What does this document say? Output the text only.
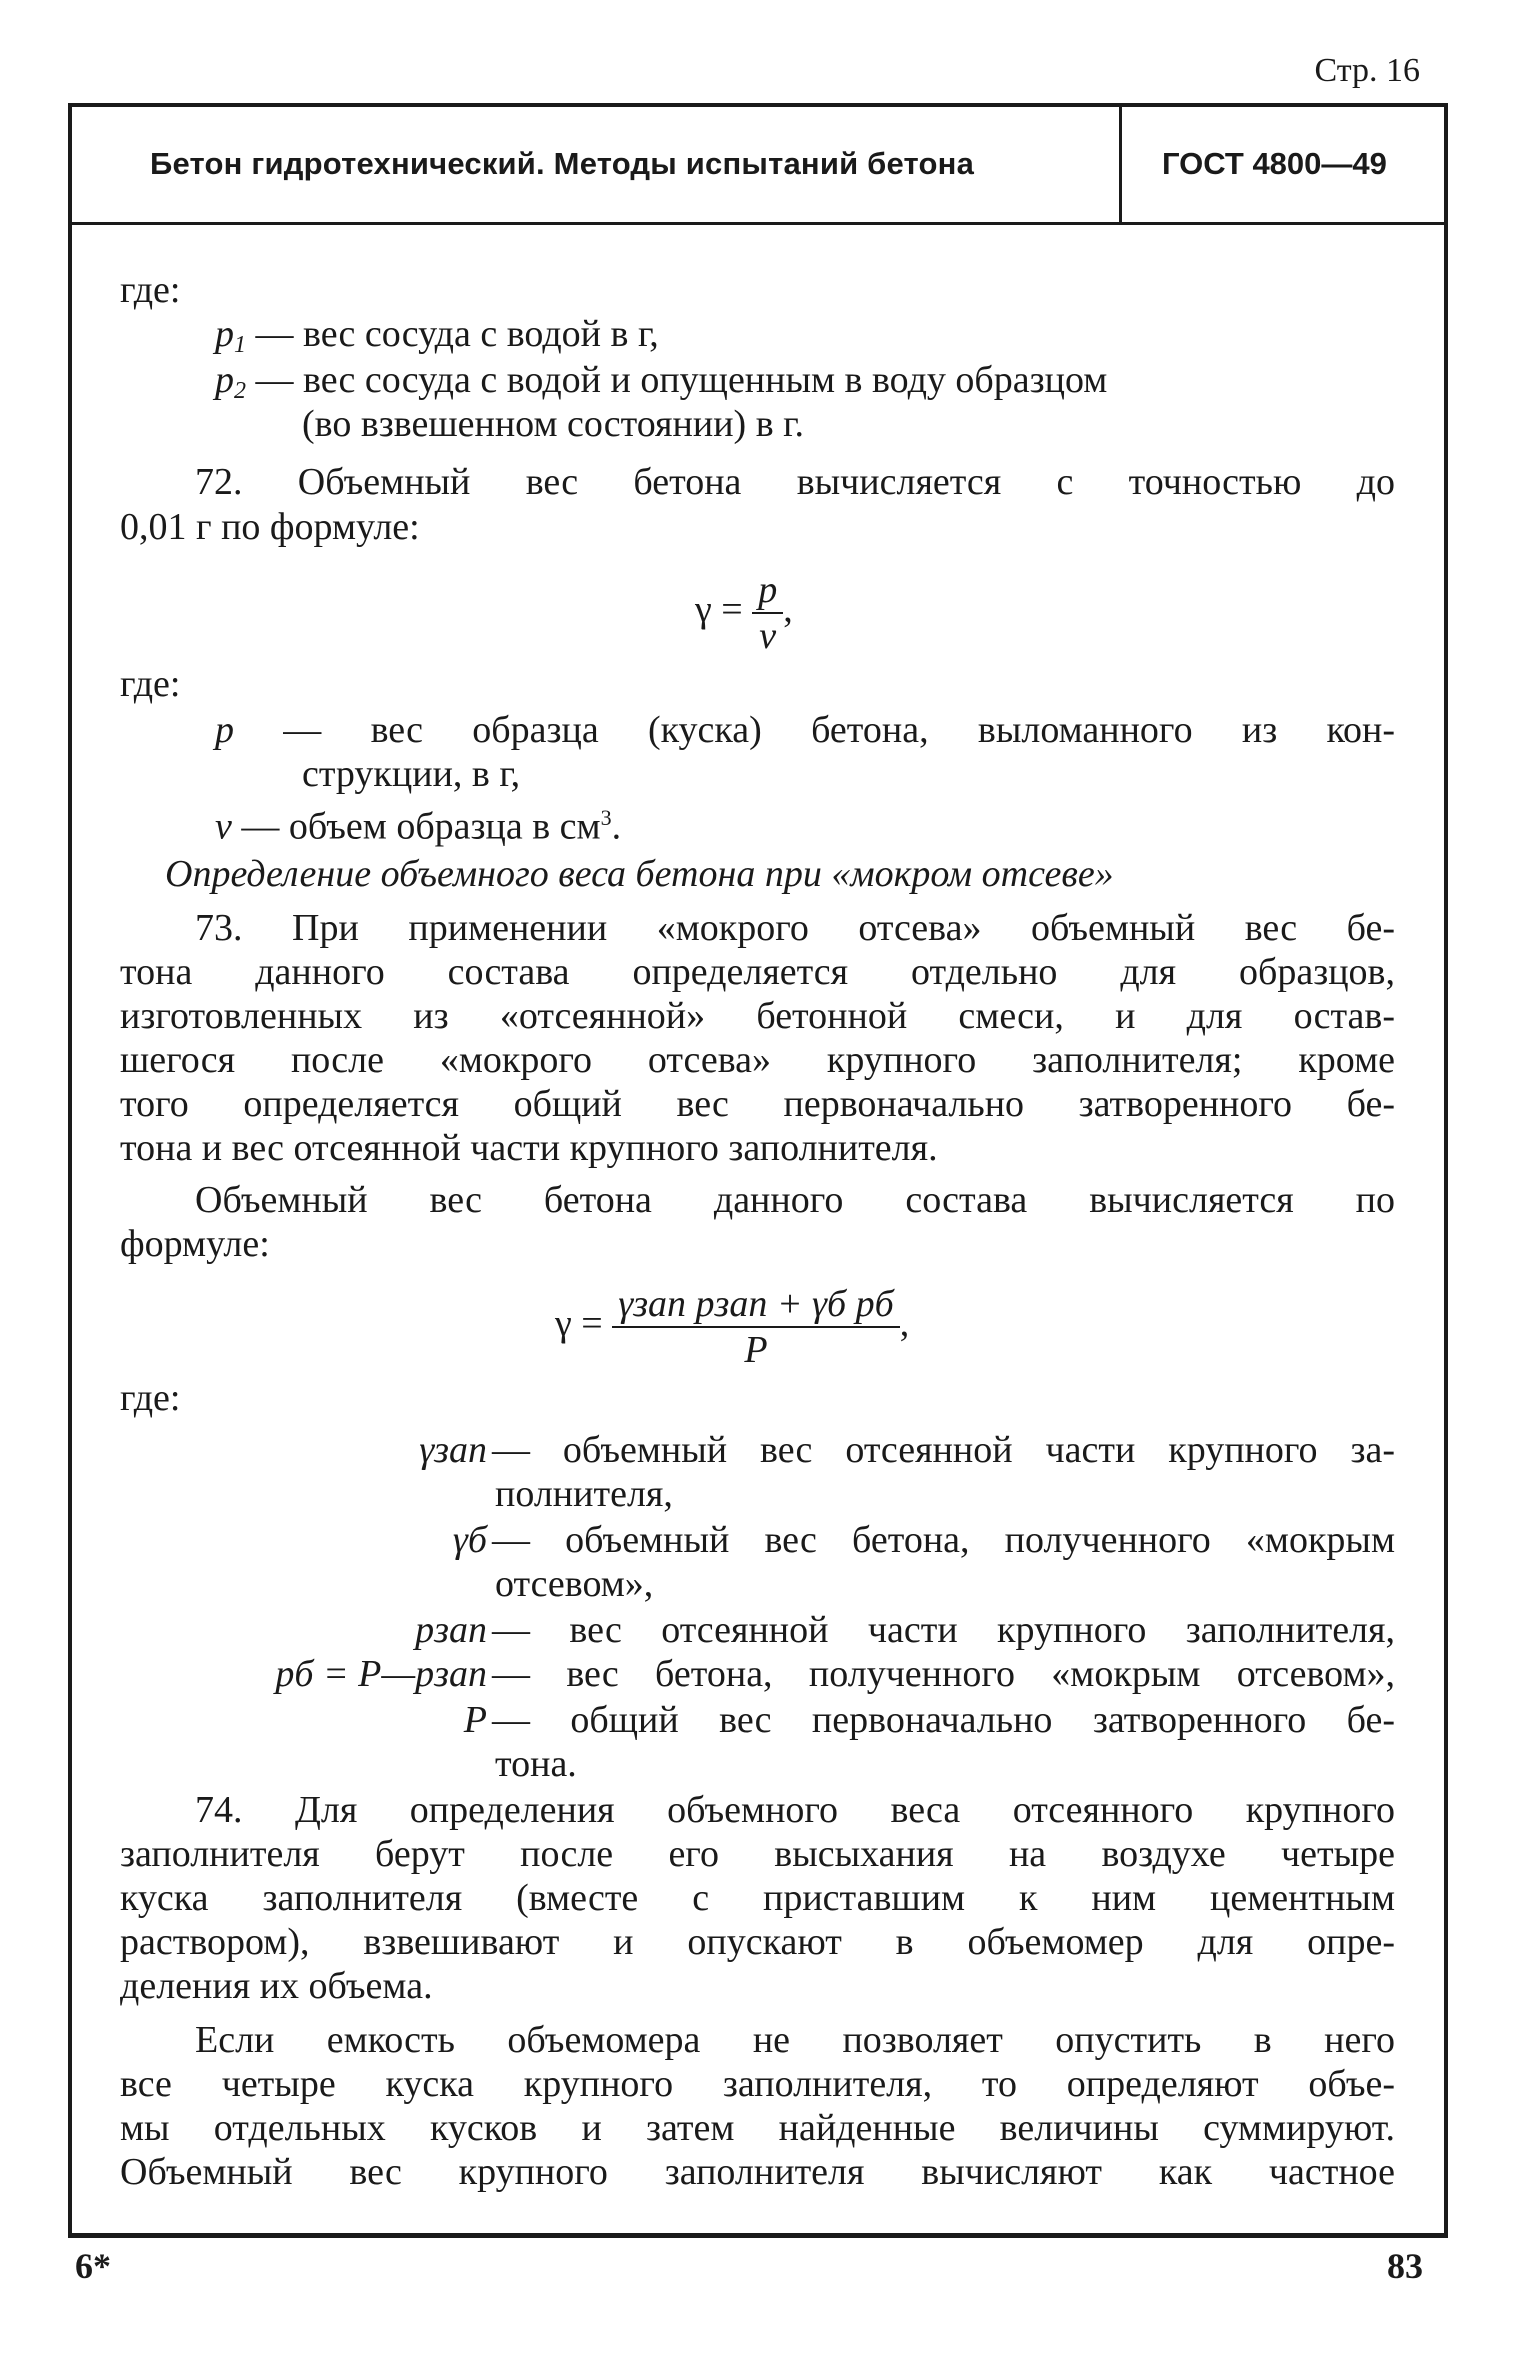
Стр. 16
Бетон гидротехнический. Методы испытаний бетона	ГОСТ 4800—49
где:
$p_1$ — вес сосуда с водой в г,
$p_2$ — вес сосуда с водой и опущенным в воду образцом
(во взвешенном состоянии) в г.
72. Объемный вес бетона вычисляется с точностью до
0,01 г по формуле:
$\gamma = \frac{p}{v}$ ,
где:
p — вес образца (куска) бетона, выломанного из кон-
струкции, в г,
v — объем образца в $см^3$.
Определение объемного веса бетона при «мокром отсеве»
73. При применении «мокрого отсева» объемный вес бе-
тона данного состава определяется отдельно для образцов,
изготовленных из «отсеянной» бетонной смеси, и для остав-
шегося после «мокрого отсева» крупного заполнителя; кроме
того определяется общий вес первоначально затворенного бе-
тона и вес отсеянной части крупного заполнителя.
Объемный вес бетона данного состава вычисляется по
формуле:
$\gamma = \frac{\text{γзап pзап + γб pб}}{P}$ ,
где:
γзап — объемный вес отсеянной части крупного за-
полнителя,
γб — объемный вес бетона, полученного «мокрым
отсевом»,
pзап — вес отсеянной части крупного заполнителя,
pб = P—pзап — вес бетона, полученного «мокрым отсевом»,
P — общий вес первоначально затворенного бе-
тона.
74. Для определения объемного веса отсеянного крупного
заполнителя берут после его высыхания на воздухе четыре
куска заполнителя (вместе с приставшим к ним цементным
раствором), взвешивают и опускают в объемомер для опре-
деления их объема.
Если емкость объемомера не позволяет опустить в него
все четыре куска крупного заполнителя, то определяют объе-
мы отдельных кусков и затем найденные величины суммируют.
Объемный вес крупного заполнителя вычисляют как частное
6*	83
